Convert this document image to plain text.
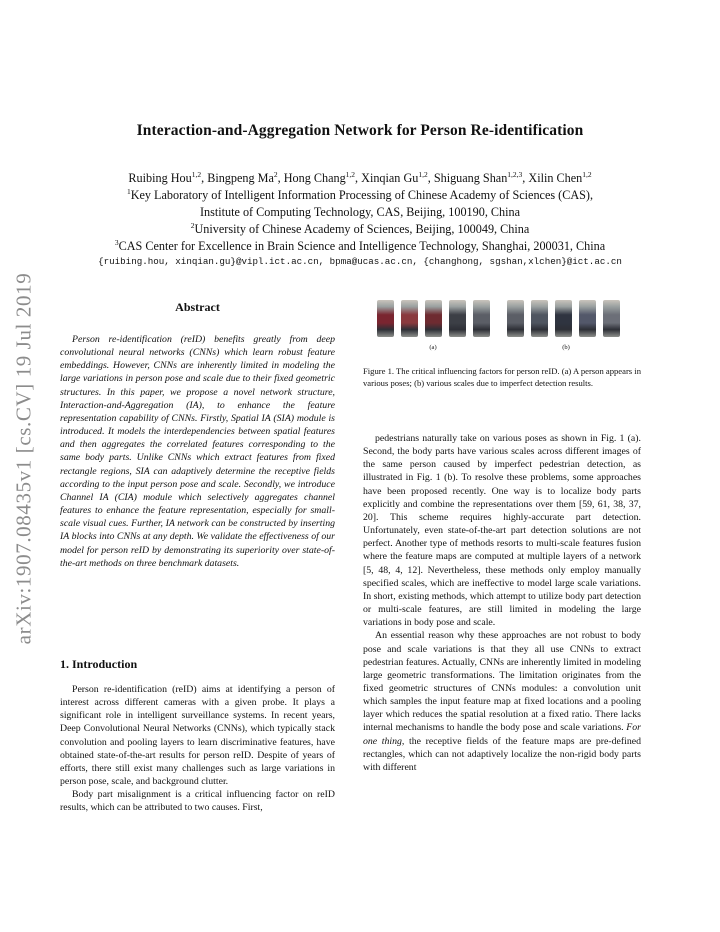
arXiv:1907.08435v1 [cs.CV] 19 Jul 2019
Interaction-and-Aggregation Network for Person Re-identification
Ruibing Hou$^{1,2}$, Bingpeng Ma$^2$, Hong Chang$^{1,2}$, Xinqian Gu$^{1,2}$, Shiguang Shan$^{1,2,3}$, Xilin Chen$^{1,2}$
$^1$Key Laboratory of Intelligent Information Processing of Chinese Academy of Sciences (CAS),
Institute of Computing Technology, CAS, Beijing, 100190, China
$^2$University of Chinese Academy of Sciences, Beijing, 100049, China
$^3$CAS Center for Excellence in Brain Science and Intelligence Technology, Shanghai, 200031, China
{ruibing.hou, xinqian.gu}@vipl.ict.ac.cn, bpma@ucas.ac.cn, {changhong, sgshan,xlchen}@ict.ac.cn
Abstract

Person re-identification (reID) benefits greatly from deep convolutional neural networks (CNNs) which learn robust feature embeddings. However, CNNs are inherently limited in modeling the large variations in person pose and scale due to their fixed geometric structures. In this paper, we propose a novel network structure, Interaction-and-Aggregation (IA), to enhance the feature representation capability of CNNs. Firstly, Spatial IA (SIA) module is introduced. It models the interdependencies between spatial features and then aggregates the correlated features corresponding to the same body parts. Unlike CNNs which extract features from fixed rectangle regions, SIA can adaptively determine the receptive fields according to the input person pose and scale. Secondly, we introduce Channel IA (CIA) module which selectively aggregates channel features to enhance the feature representation, especially for small-scale visual cues. Further, IA network can be constructed by inserting IA blocks into CNNs at any depth. We validate the effectiveness of our model for person reID by demonstrating its superiority over state-of-the-art methods on three benchmark datasets.

1. Introduction

Person re-identification (reID) aims at identifying a person of interest across different cameras with a given probe. It plays a significant role in intelligent surveillance systems. In recent years, Deep Convolutional Neural Networks (CNNs), which typically stack convolution and pooling layers to learn discriminative features, have obtained state-of-the-art results for person reID. Despite of years of efforts, there still exist many challenges such as large variations in person pose, scale, and background clutter.

Body part misalignment is a critical influencing factor on reID results, which can be attributed to two causes. First,

(a)	(b)
Figure 1. The critical influencing factors for person reID. (a) A person appears in various poses; (b) various scales due to imperfect detection results.

pedestrians naturally take on various poses as shown in Fig. 1 (a). Second, the body parts have various scales across different images of the same person caused by imperfect pedestrian detection, as illustrated in Fig. 1 (b). To resolve these problems, some approaches have been proposed recently. One way is to localize body parts explicitly and combine the representations over them [59, 61, 38, 37, 20]. This scheme requires highly-accurate part detection. Unfortunately, even state-of-the-art part detection solutions are not perfect. Another type of methods resorts to multi-scale features fusion where the feature maps are computed at multiple layers of a network [5, 48, 4, 12]. Nevertheless, these methods only employ manually specified scales, which are ineffective to model large scale variations. In short, existing methods, which attempt to utilize body part detection or multi-scale features, are still limited in modeling the large variations in body pose and scale.

An essential reason why these approaches are not robust to body pose and scale variations is that they all use CNNs to extract pedestrian features. Actually, CNNs are inherently limited in modeling large geometric transformations. The limitation originates from the fixed geometric structures of CNNs modules: a convolution unit which samples the input feature map at fixed locations and a pooling layer which reduces the spatial resolution at a fixed ratio. There lacks internal mechanisms to handle the body pose and scale variations. For one thing, the receptive fields of the feature maps are pre-defined rectangles, which can not adaptively localize the non-rigid body parts with different
